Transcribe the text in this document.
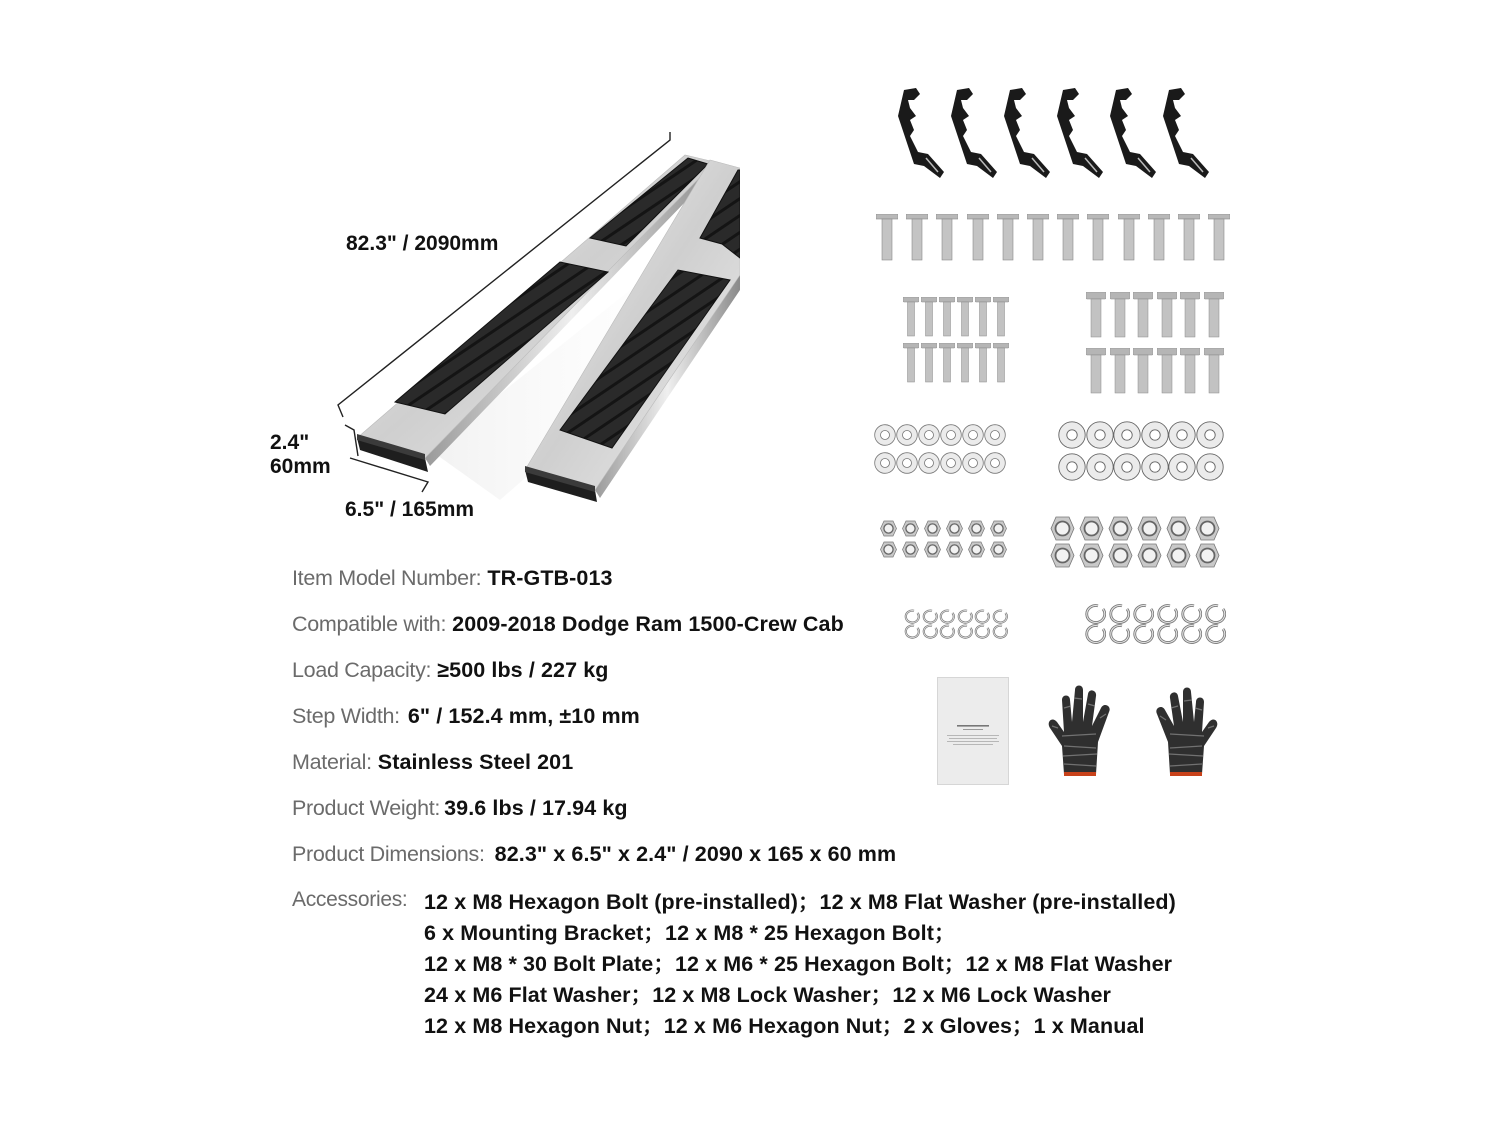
82.3" / 2090mm
2.4"
60mm
6.5" / 165mm
Item Model Number: TR-GTB-013
Compatible with: 2009-2018 Dodge Ram 1500-Crew Cab
Load Capacity: ≥500 lbs / 227 kg
Step Width: 6" / 152.4 mm, ±10 mm
Material: Stainless Steel 201
Product Weight: 39.6 lbs / 17.94 kg
Product Dimensions: 82.3" x 6.5" x 2.4" / 2090 x 165 x 60 mm
Accessories: 12 x M8 Hexagon Bolt (pre-installed)；12 x M8 Flat Washer (pre-installed)
6 x Mounting Bracket；12 x M8 * 25 Hexagon Bolt；
12 x M8 * 30 Bolt Plate；12 x M6 * 25 Hexagon Bolt；12 x M8 Flat Washer
24 x M6 Flat Washer；12 x M8 Lock Washer；12 x M6 Lock Washer
12 x M8 Hexagon Nut；12 x M6 Hexagon Nut；2 x Gloves；1 x Manual
